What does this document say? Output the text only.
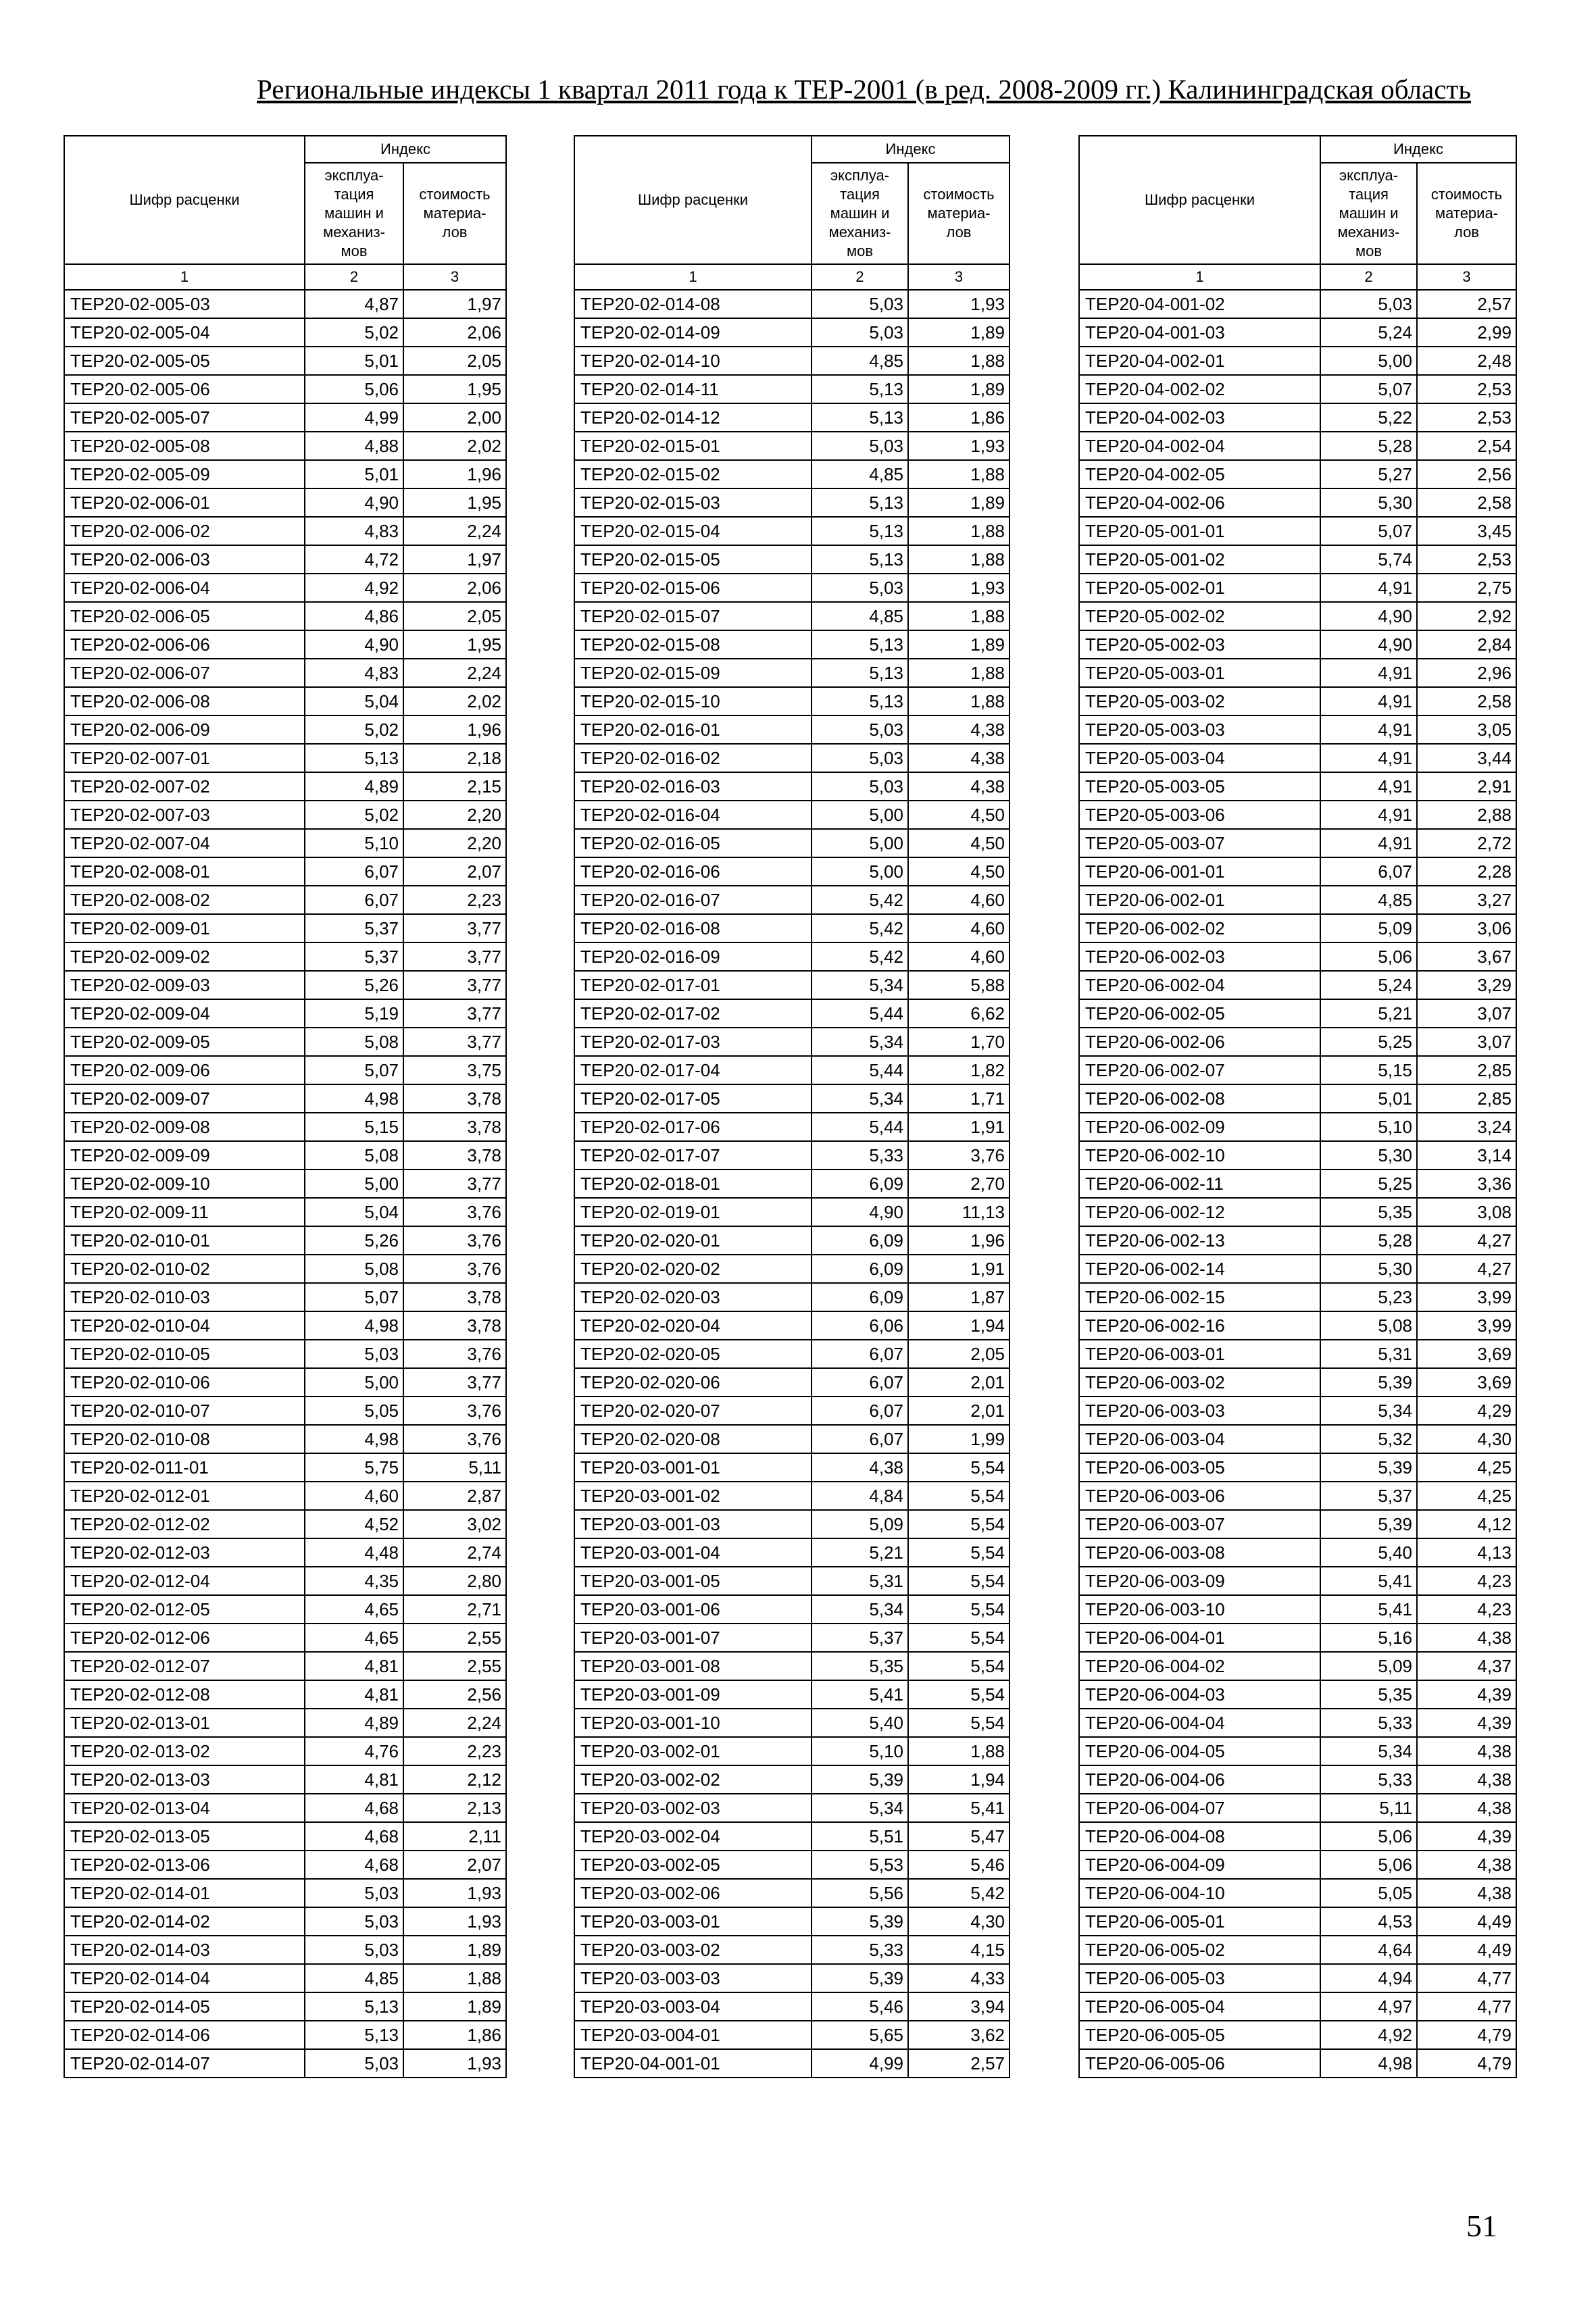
Региональные индексы 1 квартал 2011 года к ТЕР-2001 (в ред. 2008-2009 гг.) Калининградская область
Шифр расценки	Индекс	
	эксплуа-
тация
машин и
механиз-
мов	стоимость
материа-
лов
1	2	3
ТЕР20-02-005-03	4,87	1,97
ТЕР20-02-005-04	5,02	2,06
ТЕР20-02-005-05	5,01	2,05
ТЕР20-02-005-06	5,06	1,95
ТЕР20-02-005-07	4,99	2,00
ТЕР20-02-005-08	4,88	2,02
ТЕР20-02-005-09	5,01	1,96
ТЕР20-02-006-01	4,90	1,95
ТЕР20-02-006-02	4,83	2,24
ТЕР20-02-006-03	4,72	1,97
ТЕР20-02-006-04	4,92	2,06
ТЕР20-02-006-05	4,86	2,05
ТЕР20-02-006-06	4,90	1,95
ТЕР20-02-006-07	4,83	2,24
ТЕР20-02-006-08	5,04	2,02
ТЕР20-02-006-09	5,02	1,96
ТЕР20-02-007-01	5,13	2,18
ТЕР20-02-007-02	4,89	2,15
ТЕР20-02-007-03	5,02	2,20
ТЕР20-02-007-04	5,10	2,20
ТЕР20-02-008-01	6,07	2,07
ТЕР20-02-008-02	6,07	2,23
ТЕР20-02-009-01	5,37	3,77
ТЕР20-02-009-02	5,37	3,77
ТЕР20-02-009-03	5,26	3,77
ТЕР20-02-009-04	5,19	3,77
ТЕР20-02-009-05	5,08	3,77
ТЕР20-02-009-06	5,07	3,75
ТЕР20-02-009-07	4,98	3,78
ТЕР20-02-009-08	5,15	3,78
ТЕР20-02-009-09	5,08	3,78
ТЕР20-02-009-10	5,00	3,77
ТЕР20-02-009-11	5,04	3,76
ТЕР20-02-010-01	5,26	3,76
ТЕР20-02-010-02	5,08	3,76
ТЕР20-02-010-03	5,07	3,78
ТЕР20-02-010-04	4,98	3,78
ТЕР20-02-010-05	5,03	3,76
ТЕР20-02-010-06	5,00	3,77
ТЕР20-02-010-07	5,05	3,76
ТЕР20-02-010-08	4,98	3,76
ТЕР20-02-011-01	5,75	5,11
ТЕР20-02-012-01	4,60	2,87
ТЕР20-02-012-02	4,52	3,02
ТЕР20-02-012-03	4,48	2,74
ТЕР20-02-012-04	4,35	2,80
ТЕР20-02-012-05	4,65	2,71
ТЕР20-02-012-06	4,65	2,55
ТЕР20-02-012-07	4,81	2,55
ТЕР20-02-012-08	4,81	2,56
ТЕР20-02-013-01	4,89	2,24
ТЕР20-02-013-02	4,76	2,23
ТЕР20-02-013-03	4,81	2,12
ТЕР20-02-013-04	4,68	2,13
ТЕР20-02-013-05	4,68	2,11
ТЕР20-02-013-06	4,68	2,07
ТЕР20-02-014-01	5,03	1,93
ТЕР20-02-014-02	5,03	1,93
ТЕР20-02-014-03	5,03	1,89
ТЕР20-02-014-04	4,85	1,88
ТЕР20-02-014-05	5,13	1,89
ТЕР20-02-014-06	5,13	1,86
ТЕР20-02-014-07	5,03	1,93
Шифр расценки	Индекс	
	эксплуа-
тация
машин и
механиз-
мов	стоимость
материа-
лов
1	2	3
ТЕР20-02-014-08	5,03	1,93
ТЕР20-02-014-09	5,03	1,89
ТЕР20-02-014-10	4,85	1,88
ТЕР20-02-014-11	5,13	1,89
ТЕР20-02-014-12	5,13	1,86
ТЕР20-02-015-01	5,03	1,93
ТЕР20-02-015-02	4,85	1,88
ТЕР20-02-015-03	5,13	1,89
ТЕР20-02-015-04	5,13	1,88
ТЕР20-02-015-05	5,13	1,88
ТЕР20-02-015-06	5,03	1,93
ТЕР20-02-015-07	4,85	1,88
ТЕР20-02-015-08	5,13	1,89
ТЕР20-02-015-09	5,13	1,88
ТЕР20-02-015-10	5,13	1,88
ТЕР20-02-016-01	5,03	4,38
ТЕР20-02-016-02	5,03	4,38
ТЕР20-02-016-03	5,03	4,38
ТЕР20-02-016-04	5,00	4,50
ТЕР20-02-016-05	5,00	4,50
ТЕР20-02-016-06	5,00	4,50
ТЕР20-02-016-07	5,42	4,60
ТЕР20-02-016-08	5,42	4,60
ТЕР20-02-016-09	5,42	4,60
ТЕР20-02-017-01	5,34	5,88
ТЕР20-02-017-02	5,44	6,62
ТЕР20-02-017-03	5,34	1,70
ТЕР20-02-017-04	5,44	1,82
ТЕР20-02-017-05	5,34	1,71
ТЕР20-02-017-06	5,44	1,91
ТЕР20-02-017-07	5,33	3,76
ТЕР20-02-018-01	6,09	2,70
ТЕР20-02-019-01	4,90	11,13
ТЕР20-02-020-01	6,09	1,96
ТЕР20-02-020-02	6,09	1,91
ТЕР20-02-020-03	6,09	1,87
ТЕР20-02-020-04	6,06	1,94
ТЕР20-02-020-05	6,07	2,05
ТЕР20-02-020-06	6,07	2,01
ТЕР20-02-020-07	6,07	2,01
ТЕР20-02-020-08	6,07	1,99
ТЕР20-03-001-01	4,38	5,54
ТЕР20-03-001-02	4,84	5,54
ТЕР20-03-001-03	5,09	5,54
ТЕР20-03-001-04	5,21	5,54
ТЕР20-03-001-05	5,31	5,54
ТЕР20-03-001-06	5,34	5,54
ТЕР20-03-001-07	5,37	5,54
ТЕР20-03-001-08	5,35	5,54
ТЕР20-03-001-09	5,41	5,54
ТЕР20-03-001-10	5,40	5,54
ТЕР20-03-002-01	5,10	1,88
ТЕР20-03-002-02	5,39	1,94
ТЕР20-03-002-03	5,34	5,41
ТЕР20-03-002-04	5,51	5,47
ТЕР20-03-002-05	5,53	5,46
ТЕР20-03-002-06	5,56	5,42
ТЕР20-03-003-01	5,39	4,30
ТЕР20-03-003-02	5,33	4,15
ТЕР20-03-003-03	5,39	4,33
ТЕР20-03-003-04	5,46	3,94
ТЕР20-03-004-01	5,65	3,62
ТЕР20-04-001-01	4,99	2,57
Шифр расценки	Индекс	
	эксплуа-
тация
машин и
механиз-
мов	стоимость
материа-
лов
1	2	3
ТЕР20-04-001-02	5,03	2,57
ТЕР20-04-001-03	5,24	2,99
ТЕР20-04-002-01	5,00	2,48
ТЕР20-04-002-02	5,07	2,53
ТЕР20-04-002-03	5,22	2,53
ТЕР20-04-002-04	5,28	2,54
ТЕР20-04-002-05	5,27	2,56
ТЕР20-04-002-06	5,30	2,58
ТЕР20-05-001-01	5,07	3,45
ТЕР20-05-001-02	5,74	2,53
ТЕР20-05-002-01	4,91	2,75
ТЕР20-05-002-02	4,90	2,92
ТЕР20-05-002-03	4,90	2,84
ТЕР20-05-003-01	4,91	2,96
ТЕР20-05-003-02	4,91	2,58
ТЕР20-05-003-03	4,91	3,05
ТЕР20-05-003-04	4,91	3,44
ТЕР20-05-003-05	4,91	2,91
ТЕР20-05-003-06	4,91	2,88
ТЕР20-05-003-07	4,91	2,72
ТЕР20-06-001-01	6,07	2,28
ТЕР20-06-002-01	4,85	3,27
ТЕР20-06-002-02	5,09	3,06
ТЕР20-06-002-03	5,06	3,67
ТЕР20-06-002-04	5,24	3,29
ТЕР20-06-002-05	5,21	3,07
ТЕР20-06-002-06	5,25	3,07
ТЕР20-06-002-07	5,15	2,85
ТЕР20-06-002-08	5,01	2,85
ТЕР20-06-002-09	5,10	3,24
ТЕР20-06-002-10	5,30	3,14
ТЕР20-06-002-11	5,25	3,36
ТЕР20-06-002-12	5,35	3,08
ТЕР20-06-002-13	5,28	4,27
ТЕР20-06-002-14	5,30	4,27
ТЕР20-06-002-15	5,23	3,99
ТЕР20-06-002-16	5,08	3,99
ТЕР20-06-003-01	5,31	3,69
ТЕР20-06-003-02	5,39	3,69
ТЕР20-06-003-03	5,34	4,29
ТЕР20-06-003-04	5,32	4,30
ТЕР20-06-003-05	5,39	4,25
ТЕР20-06-003-06	5,37	4,25
ТЕР20-06-003-07	5,39	4,12
ТЕР20-06-003-08	5,40	4,13
ТЕР20-06-003-09	5,41	4,23
ТЕР20-06-003-10	5,41	4,23
ТЕР20-06-004-01	5,16	4,38
ТЕР20-06-004-02	5,09	4,37
ТЕР20-06-004-03	5,35	4,39
ТЕР20-06-004-04	5,33	4,39
ТЕР20-06-004-05	5,34	4,38
ТЕР20-06-004-06	5,33	4,38
ТЕР20-06-004-07	5,11	4,38
ТЕР20-06-004-08	5,06	4,39
ТЕР20-06-004-09	5,06	4,38
ТЕР20-06-004-10	5,05	4,38
ТЕР20-06-005-01	4,53	4,49
ТЕР20-06-005-02	4,64	4,49
ТЕР20-06-005-03	4,94	4,77
ТЕР20-06-005-04	4,97	4,77
ТЕР20-06-005-05	4,92	4,79
ТЕР20-06-005-06	4,98	4,79
51
